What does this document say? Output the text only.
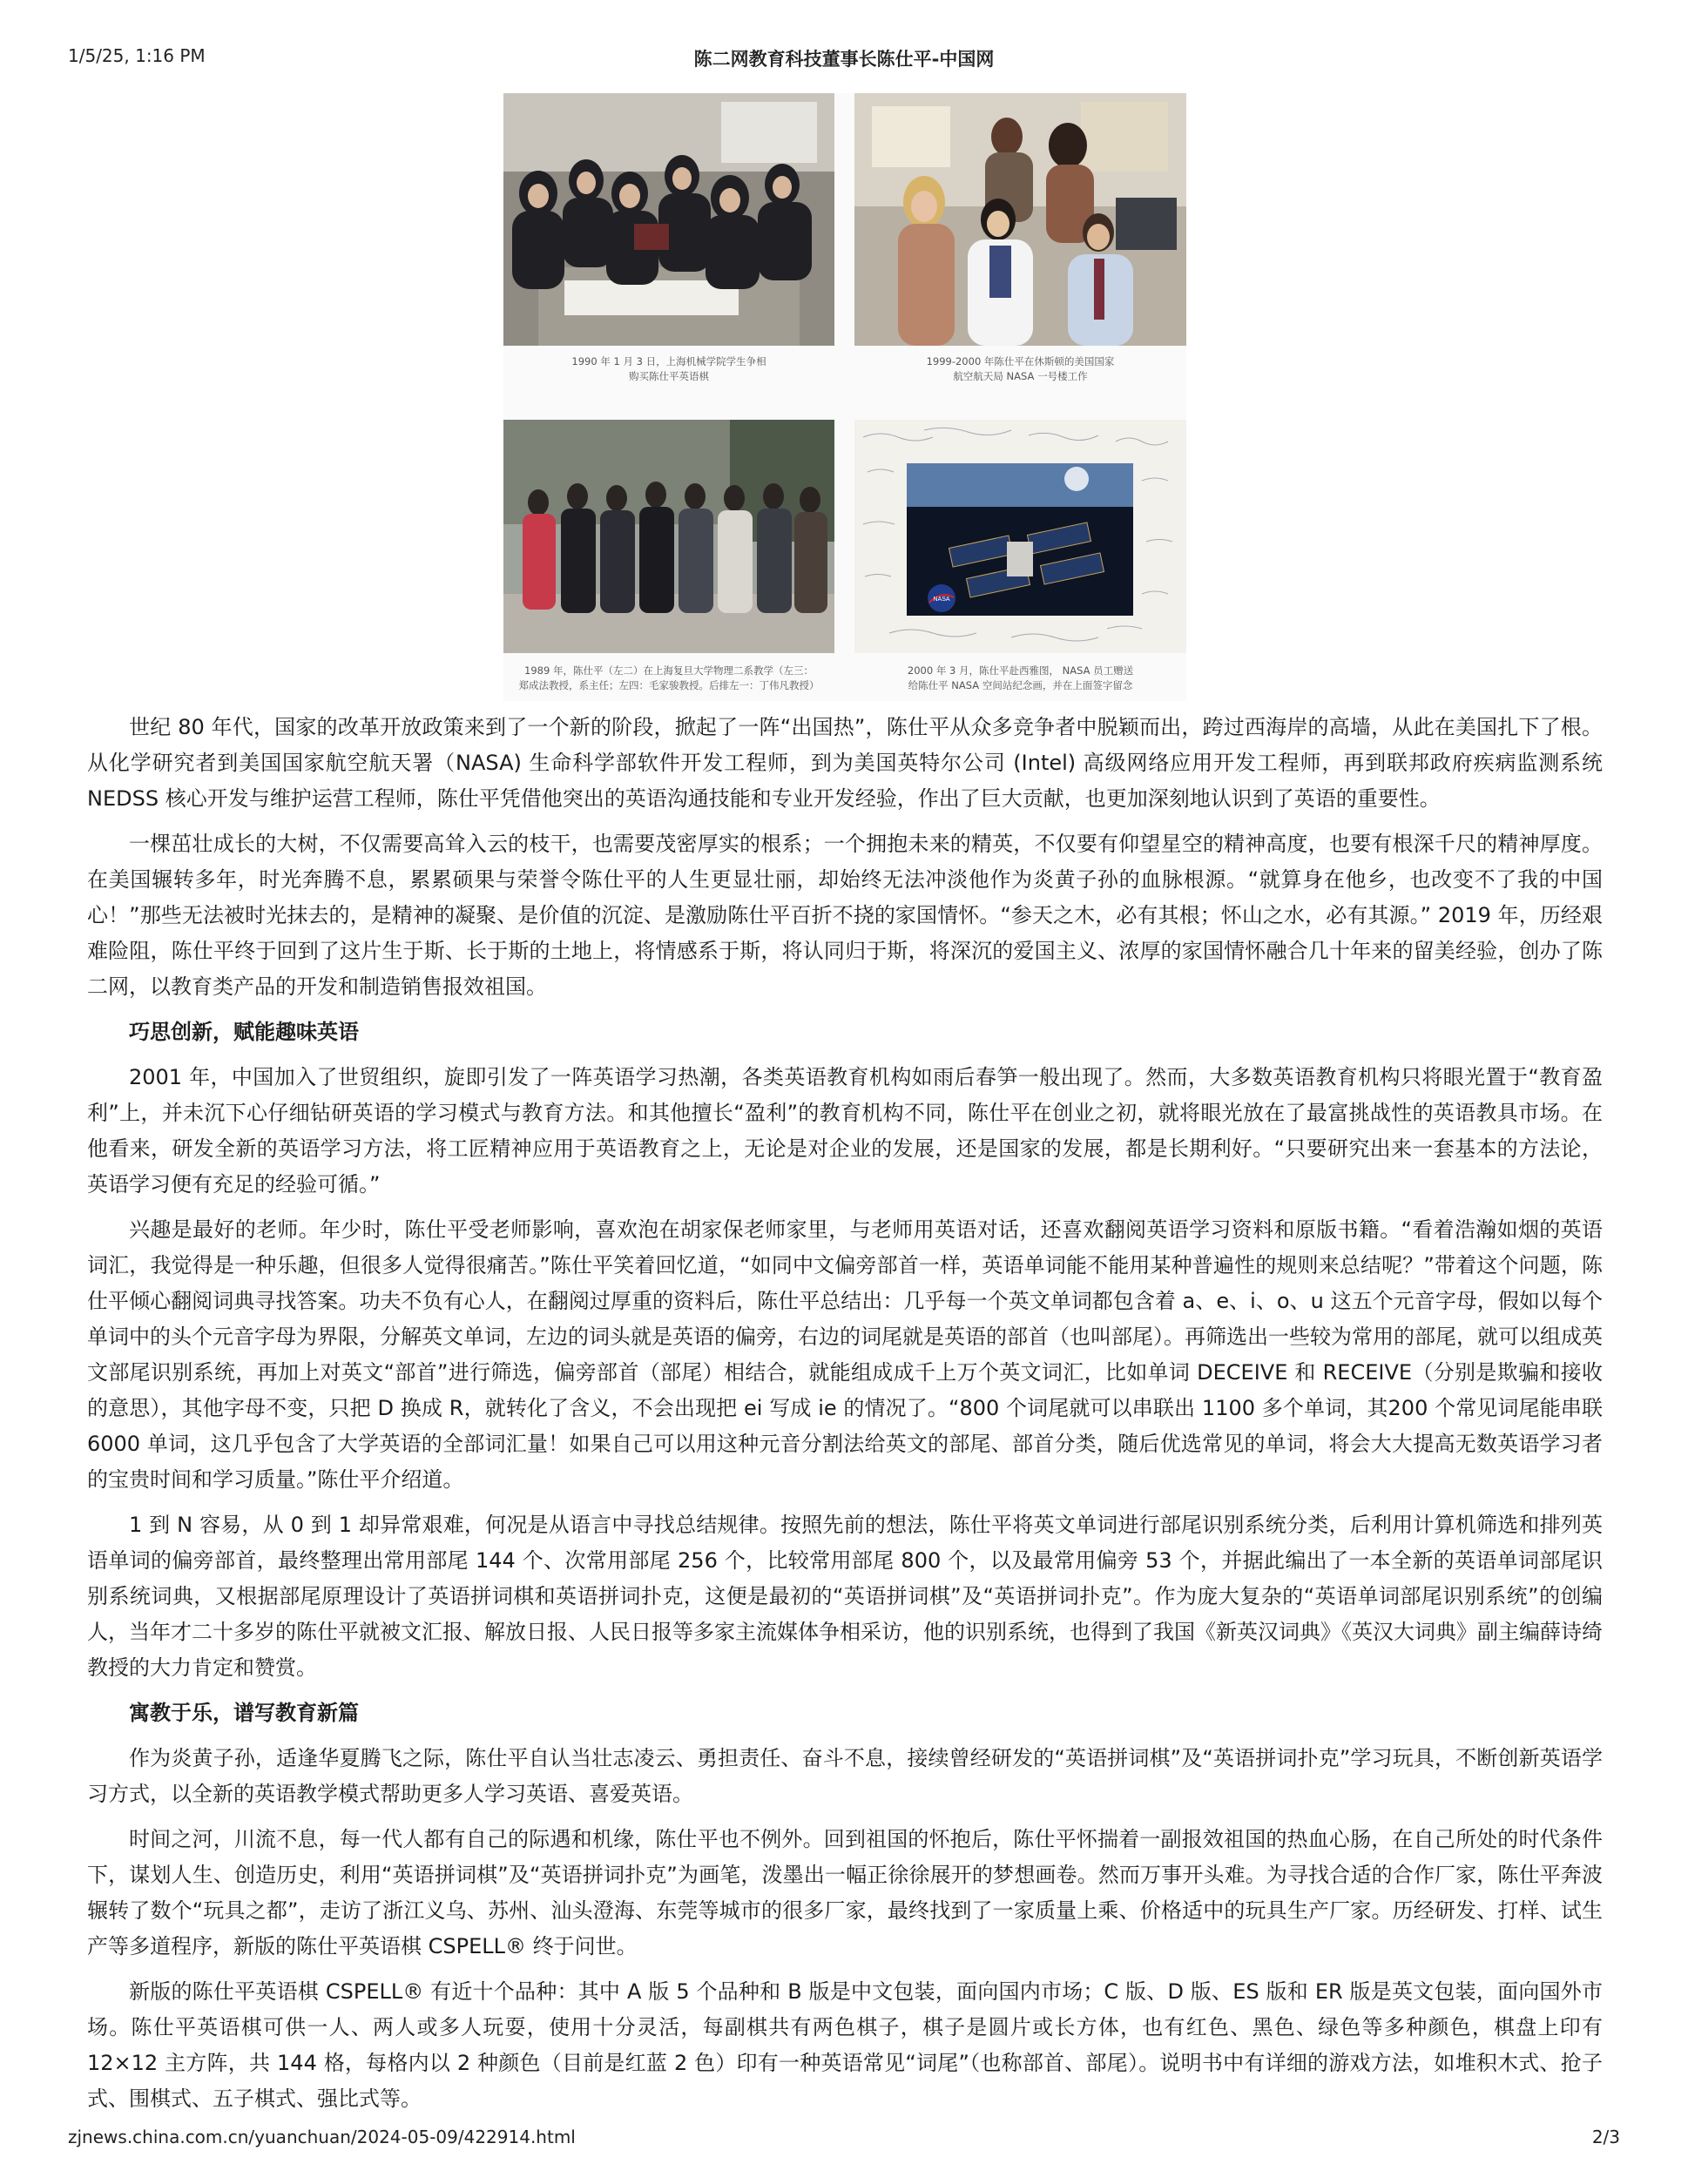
1/5/25, 1:16 PM	陈二网教育科技董事长陈仕平-中国网
1990 年 1 月 3 日，上海机械学院学生争相
购买陈仕平英语棋
1999-2000 年陈仕平在休斯顿的美国国家
航空航天局 NASA 一号楼工作
NASA
1989 年，陈仕平（左二）在上海复旦大学物理二系教学（左三：
郑成法教授，系主任；左四：毛家骏教授。后排左一：丁伟凡教授）
2000 年 3 月，陈仕平赴西雅图， NASA 员工赠送
给陈仕平 NASA 空间站纪念画，并在上面签字留念

世纪 80 年代，国家的改革开放政策来到了一个新的阶段，掀起了一阵“出国热”，陈仕平从众多竞争者中脱颖而出，跨过西海岸的高墙，从此在美国扎下了根。从化学研究者到美国国家航空航天署（NASA) 生命科学部软件开发工程师，到为美国英特尔公司 (Intel) 高级网络应用开发工程师，再到联邦政府疾病监测系统 NEDSS 核心开发与维护运营工程师，陈仕平凭借他突出的英语沟通技能和专业开发经验，作出了巨大贡献，也更加深刻地认识到了英语的重要性。

一棵茁壮成长的大树，不仅需要高耸入云的枝干，也需要茂密厚实的根系；一个拥抱未来的精英，不仅要有仰望星空的精神高度，也要有根深千尺的精神厚度。在美国辗转多年，时光奔腾不息，累累硕果与荣誉令陈仕平的人生更显壮丽，却始终无法冲淡他作为炎黄子孙的血脉根源。“就算身在他乡，也改变不了我的中国心！”那些无法被时光抹去的，是精神的凝聚、是价值的沉淀、是激励陈仕平百折不挠的家国情怀。“参天之木，必有其根；怀山之水，必有其源。” 2019 年，历经艰难险阻，陈仕平终于回到了这片生于斯、长于斯的土地上，将情感系于斯，将认同归于斯，将深沉的爱国主义、浓厚的家国情怀融合几十年来的留美经验，创办了陈二网，以教育类产品的开发和制造销售报效祖国。

巧思创新，赋能趣味英语

2001 年，中国加入了世贸组织，旋即引发了一阵英语学习热潮，各类英语教育机构如雨后春笋一般出现了。然而，大多数英语教育机构只将眼光置于“教育盈利”上，并未沉下心仔细钻研英语的学习模式与教育方法。和其他擅长“盈利”的教育机构不同，陈仕平在创业之初，就将眼光放在了最富挑战性的英语教具市场。在他看来，研发全新的英语学习方法，将工匠精神应用于英语教育之上，无论是对企业的发展，还是国家的发展，都是长期利好。“只要研究出来一套基本的方法论，英语学习便有充足的经验可循。”

兴趣是最好的老师。年少时，陈仕平受老师影响，喜欢泡在胡家保老师家里，与老师用英语对话，还喜欢翻阅英语学习资料和原版书籍。“看着浩瀚如烟的英语词汇，我觉得是一种乐趣，但很多人觉得很痛苦。”陈仕平笑着回忆道，“如同中文偏旁部首一样，英语单词能不能用某种普遍性的规则来总结呢？”带着这个问题，陈仕平倾心翻阅词典寻找答案。功夫不负有心人，在翻阅过厚重的资料后，陈仕平总结出：几乎每一个英文单词都包含着 a、e、i、o、u 这五个元音字母，假如以每个单词中的头个元音字母为界限，分解英文单词，左边的词头就是英语的偏旁，右边的词尾就是英语的部首（也叫部尾）。再筛选出一些较为常用的部尾，就可以组成英文部尾识别系统，再加上对英文“部首”进行筛选，偏旁部首（部尾）相结合，就能组成成千上万个英文词汇，比如单词 DECEIVE 和 RECEIVE（分别是欺骗和接收的意思），其他字母不变，只把 D 换成 R，就转化了含义，不会出现把 ei 写成 ie 的情况了。“800 个词尾就可以串联出 1100 多个单词，其200 个常见词尾能串联 6000 单词，这几乎包含了大学英语的全部词汇量！如果自己可以用这种元音分割法给英文的部尾、部首分类，随后优选常见的单词，将会大大提高无数英语学习者的宝贵时间和学习质量。”陈仕平介绍道。

1 到 N 容易，从 0 到 1 却异常艰难，何况是从语言中寻找总结规律。按照先前的想法，陈仕平将英文单词进行部尾识别系统分类，后利用计算机筛选和排列英语单词的偏旁部首，最终整理出常用部尾 144 个、次常用部尾 256 个，比较常用部尾 800 个，以及最常用偏旁 53 个，并据此编出了一本全新的英语单词部尾识别系统词典，又根据部尾原理设计了英语拼词棋和英语拼词扑克，这便是最初的“英语拼词棋”及“英语拼词扑克”。作为庞大复杂的“英语单词部尾识别系统”的创编人，当年才二十多岁的陈仕平就被文汇报、解放日报、人民日报等多家主流媒体争相采访，他的识别系统，也得到了我国《新英汉词典》《英汉大词典》副主编薛诗绮教授的大力肯定和赞赏。

寓教于乐，谱写教育新篇

作为炎黄子孙，适逢华夏腾飞之际，陈仕平自认当壮志凌云、勇担责任、奋斗不息，接续曾经研发的“英语拼词棋”及“英语拼词扑克”学习玩具，不断创新英语学习方式，以全新的英语教学模式帮助更多人学习英语、喜爱英语。

时间之河，川流不息，每一代人都有自己的际遇和机缘，陈仕平也不例外。回到祖国的怀抱后，陈仕平怀揣着一副报效祖国的热血心肠，在自己所处的时代条件下，谋划人生、创造历史，利用“英语拼词棋”及“英语拼词扑克”为画笔，泼墨出一幅正徐徐展开的梦想画卷。然而万事开头难。为寻找合适的合作厂家，陈仕平奔波辗转了数个“玩具之都”，走访了浙江义乌、苏州、汕头澄海、东莞等城市的很多厂家，最终找到了一家质量上乘、价格适中的玩具生产厂家。历经研发、打样、试生产等多道程序，新版的陈仕平英语棋 CSPELL® 终于问世。

新版的陈仕平英语棋 CSPELL® 有近十个品种：其中 A 版 5 个品种和 B 版是中文包装，面向国内市场；C 版、D 版、ES 版和 ER 版是英文包装，面向国外市场。陈仕平英语棋可供一人、两人或多人玩耍，使用十分灵活，每副棋共有两色棋子，棋子是圆片或长方体，也有红色、黑色、绿色等多种颜色，棋盘上印有 12×12 主方阵，共 144 格，每格内以 2 种颜色（目前是红蓝 2 色）印有一种英语常见“词尾”（也称部首、部尾）。说明书中有详细的游戏方法，如堆积木式、抢子式、围棋式、五子棋式、强比式等。

zjnews.china.com.cn/yuanchuan/2024-05-09/422914.html	2/3
